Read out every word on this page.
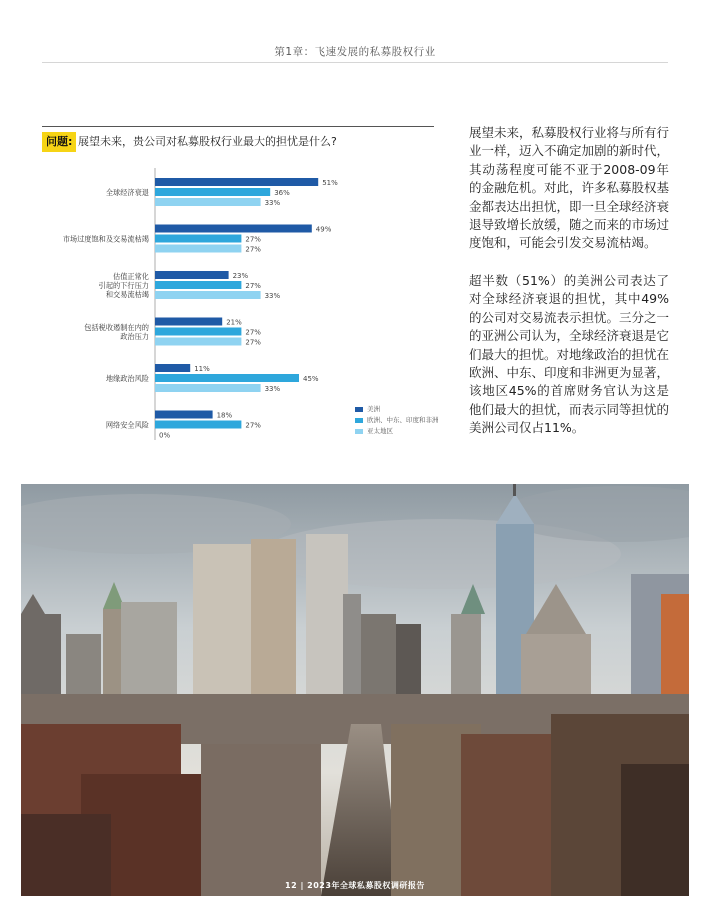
第1章：飞速发展的私募股权行业
问题: 展望未来，贵公司对私募股权行业最大的担忧是什么?
全球经济衰退
51%
36%
33%
市场过度饱和及交易流枯竭
49%
27%
27%
估值正常化
引起的下行压力
和交易流枯竭
23%
27%
33%
包括税收遏制在内的
政治压力
21%
27%
27%
地缘政治风险
11%
45%
33%
网络安全风险
18%
27%
0%
美洲
欧洲、中东、印度和非洲
亚太地区
展望未来，私募股权行业将与所有行业一样，迈入不确定加剧的新时代，其动荡程度可能不亚于2008-09年的金融危机。对此，许多私募股权基金都表达出担忧，即一旦全球经济衰退导致增长放缓，随之而来的市场过度饱和，可能会引发交易流枯竭。
超半数（51%）的美洲公司表达了对全球经济衰退的担忧，其中49%的公司对交易流表示担忧。三分之一的亚洲公司认为，全球经济衰退是它们最大的担忧。对地缘政治的担忧在欧洲、中东、印度和非洲更为显著，该地区45%的首席财务官认为这是他们最大的担忧，而表示同等担忧的美洲公司仅占11%。
12 | 2023年全球私募股权调研报告
